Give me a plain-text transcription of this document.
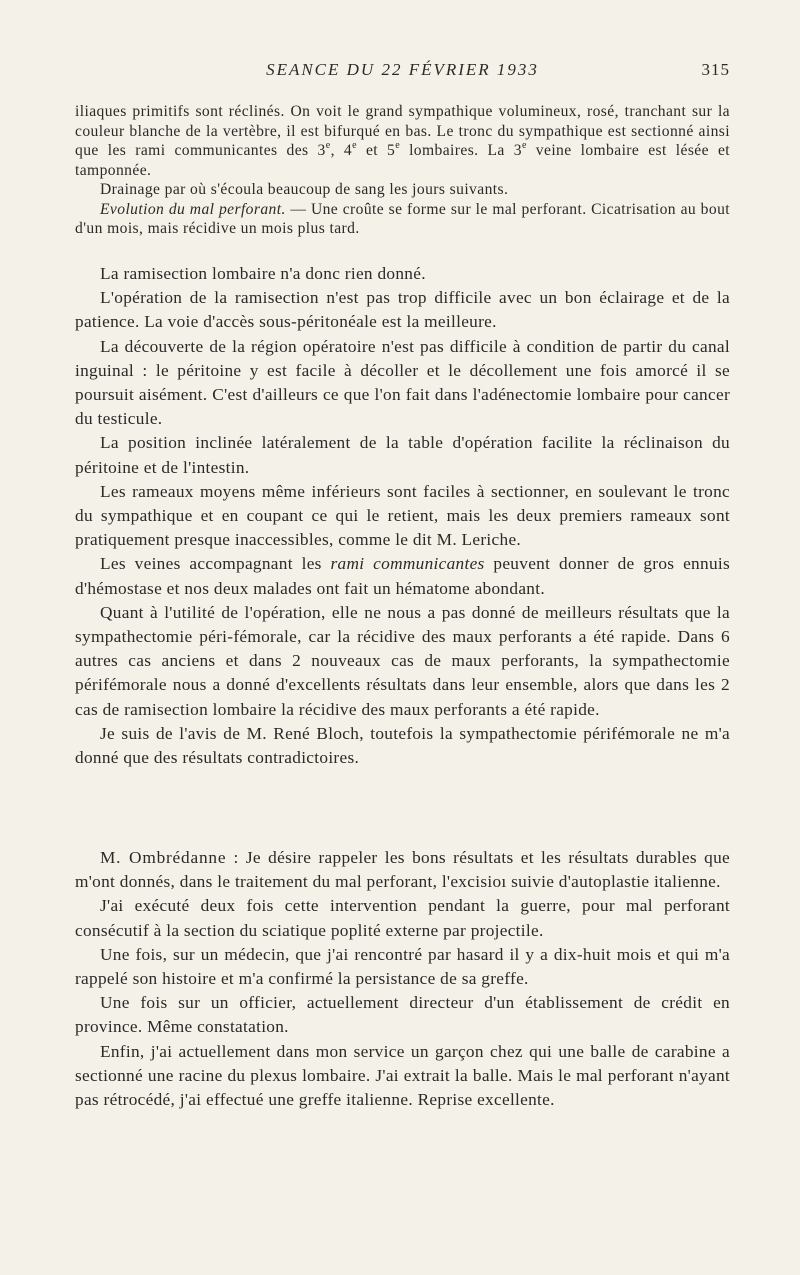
SEANCE DU 22 FÉVRIER 1933	315

iliaques primitifs sont réclinés. On voit le grand sympathique volumineux, rosé, tranchant sur la couleur blanche de la vertèbre, il est bifurqué en bas. Le tronc du sympathique est sectionné ainsi que les rami communicantes des 3e, 4e et 5e lombaires. La 3e veine lombaire est lésée et tamponnée.

Drainage par où s'écoula beaucoup de sang les jours suivants.

Evolution du mal perforant. — Une croûte se forme sur le mal perforant. Cicatrisation au bout d'un mois, mais récidive un mois plus tard.

La ramisection lombaire n'a donc rien donné.

L'opération de la ramisection n'est pas trop difficile avec un bon éclairage et de la patience. La voie d'accès sous-péritonéale est la meilleure.

La découverte de la région opératoire n'est pas difficile à condition de partir du canal inguinal : le péritoine y est facile à décoller et le décollement une fois amorcé il se poursuit aisément. C'est d'ailleurs ce que l'on fait dans l'adénectomie lombaire pour cancer du testicule.

La position inclinée latéralement de la table d'opération facilite la réclinaison du péritoine et de l'intestin.

Les rameaux moyens même inférieurs sont faciles à sectionner, en soulevant le tronc du sympathique et en coupant ce qui le retient, mais les deux premiers rameaux sont pratiquement presque inaccessibles, comme le dit M. Leriche.

Les veines accompagnant les rami communicantes peuvent donner de gros ennuis d'hémostase et nos deux malades ont fait un hématome abondant.

Quant à l'utilité de l'opération, elle ne nous a pas donné de meilleurs résultats que la sympathectomie péri-fémorale, car la récidive des maux perforants a été rapide. Dans 6 autres cas anciens et dans 2 nouveaux cas de maux perforants, la sympathectomie périfémorale nous a donné d'excellents résultats dans leur ensemble, alors que dans les 2 cas de ramisection lombaire la récidive des maux perforants a été rapide.

Je suis de l'avis de M. René Bloch, toutefois la sympathectomie périfémorale ne m'a donné que des résultats contradictoires.

M. Ombrédanne : Je désire rappeler les bons résultats et les résultats durables que m'ont donnés, dans le traitement du mal perforant, l'excisioı suivie d'autoplastie italienne.

J'ai exécuté deux fois cette intervention pendant la guerre, pour mal perforant consécutif à la section du sciatique poplité externe par projectile.

Une fois, sur un médecin, que j'ai rencontré par hasard il y a dix-huit mois et qui m'a rappelé son histoire et m'a confirmé la persistance de sa greffe.

Une fois sur un officier, actuellement directeur d'un établissement de crédit en province. Même constatation.

Enfin, j'ai actuellement dans mon service un garçon chez qui une balle de carabine a sectionné une racine du plexus lombaire. J'ai extrait la balle. Mais le mal perforant n'ayant pas rétrocédé, j'ai effectué une greffe italienne. Reprise excellente.
